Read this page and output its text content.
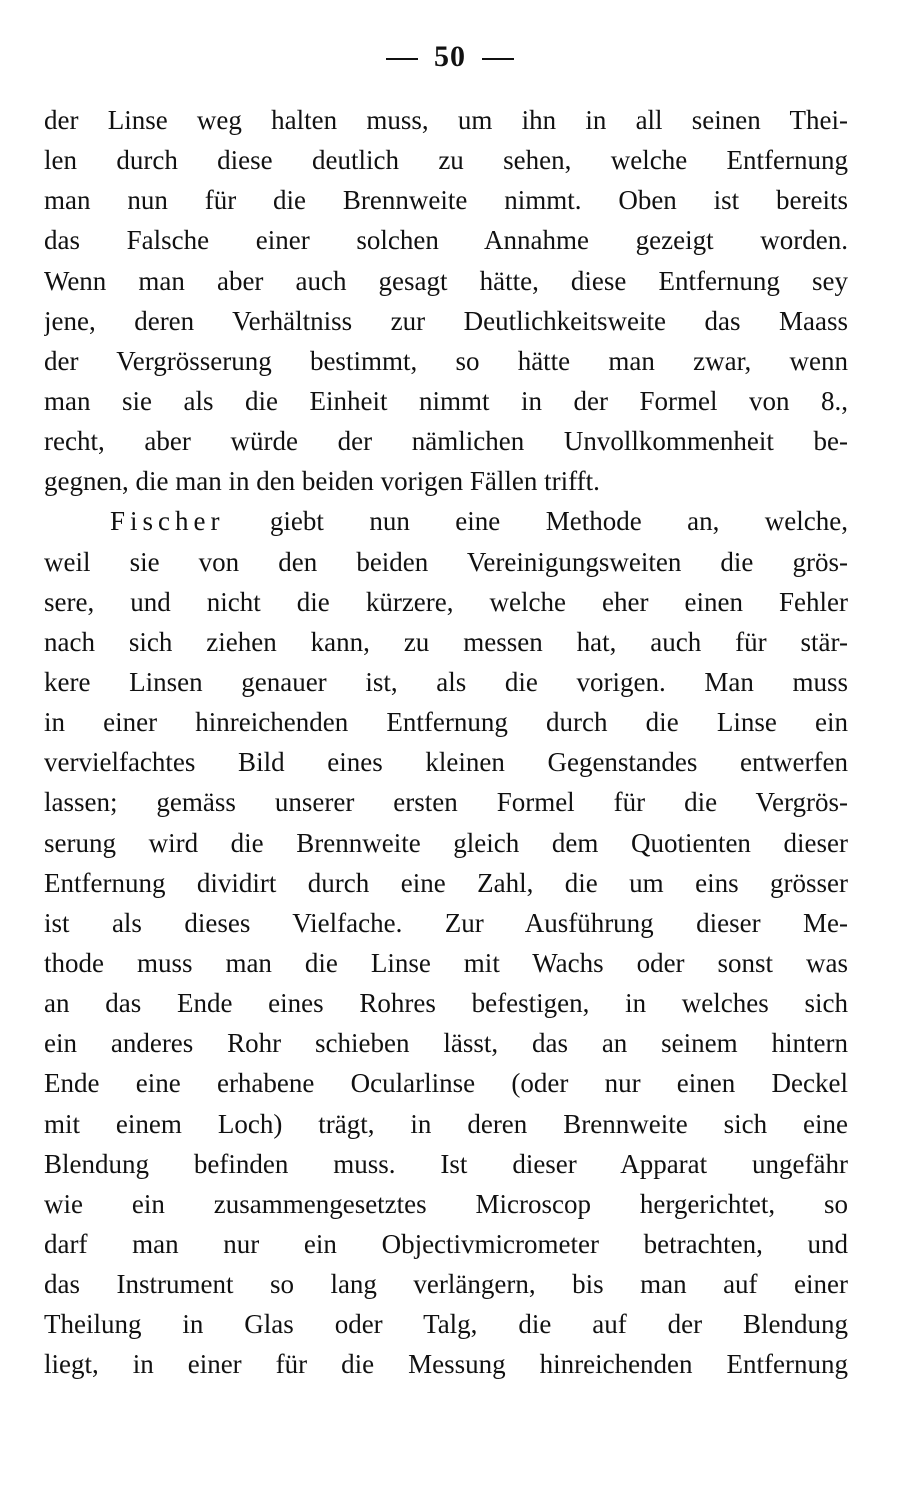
50
der Linse weg halten muss, um ihn in all seinen Thei-
len durch diese deutlich zu sehen, welche Entfernung
man nun für die Brennweite nimmt. Oben ist bereits
das Falsche einer solchen Annahme gezeigt worden.
Wenn man aber auch gesagt hätte, diese Entfernung sey
jene, deren Verhältniss zur Deutlichkeitsweite das Maass
der Vergrösserung bestimmt, so hätte man zwar, wenn
man sie als die Einheit nimmt in der Formel von 8.,
recht, aber würde der nämlichen Unvollkommenheit be-
gegnen, die man in den beiden vorigen Fällen trifft.
Fischer giebt nun eine Methode an, welche,
weil sie von den beiden Vereinigungsweiten die grös-
sere, und nicht die kürzere, welche eher einen Fehler
nach sich ziehen kann, zu messen hat, auch für stär-
kere Linsen genauer ist, als die vorigen. Man muss
in einer hinreichenden Entfernung durch die Linse ein
vervielfachtes Bild eines kleinen Gegenstandes entwerfen
lassen; gemäss unserer ersten Formel für die Vergrös-
serung wird die Brennweite gleich dem Quotienten dieser
Entfernung dividirt durch eine Zahl, die um eins grösser
ist als dieses Vielfache. Zur Ausführung dieser Me-
thode muss man die Linse mit Wachs oder sonst was
an das Ende eines Rohres befestigen, in welches sich
ein anderes Rohr schieben lässt, das an seinem hintern
Ende eine erhabene Ocularlinse (oder nur einen Deckel
mit einem Loch) trägt, in deren Brennweite sich eine
Blendung befinden muss. Ist dieser Apparat ungefähr
wie ein zusammengesetztes Microscop hergerichtet, so
darf man nur ein Objectivmicrometer betrachten, und
das Instrument so lang verlängern, bis man auf einer
Theilung in Glas oder Talg, die auf der Blendung
liegt, in einer für die Messung hinreichenden Entfernung
